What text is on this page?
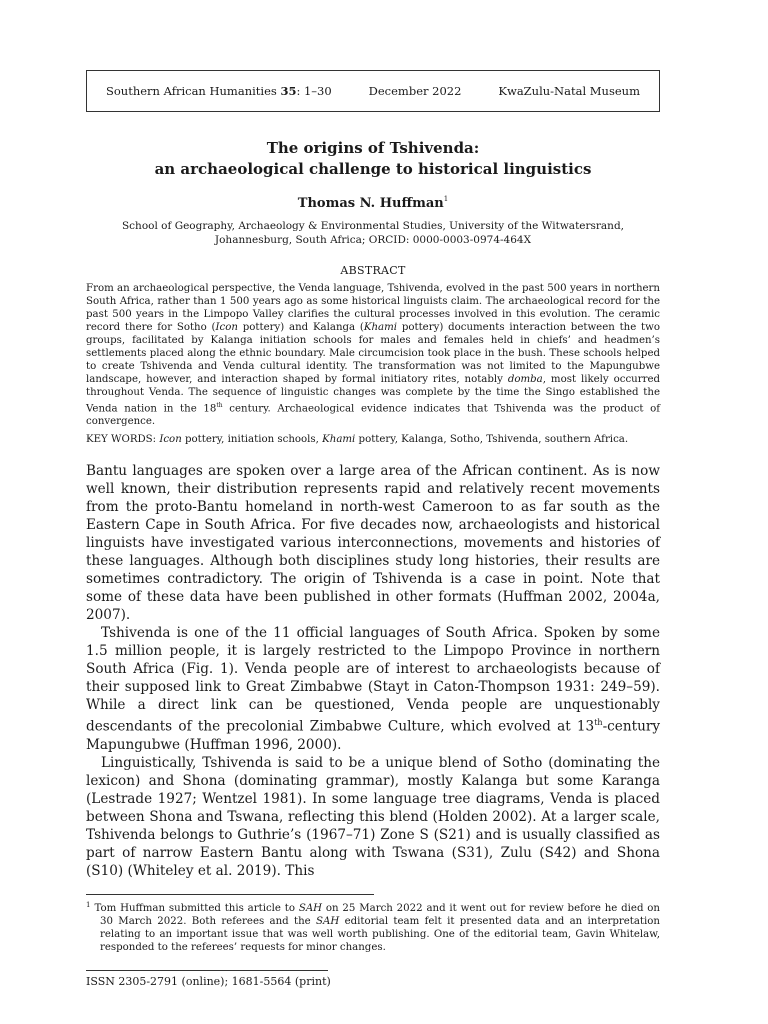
Southern African Humanities 35: 1–30	December 2022	KwaZulu-Natal Museum
The origins of Tshivenda:
an archaeological challenge to historical linguistics
Thomas N. Huffman$^1$
School of Geography, Archaeology & Environmental Studies, University of the Witwatersrand,
Johannesburg, South Africa; ORCID: 0000-0003-0974-464X
ABSTRACT
From an archaeological perspective, the Venda language, Tshivenda, evolved in the past 500 years in northern South Africa, rather than 1 500 years ago as some historical linguists claim. The archaeological record for the past 500 years in the Limpopo Valley clarifies the cultural processes involved in this evolution. The ceramic record there for Sotho (Icon pottery) and Kalanga (Khami pottery) documents interaction between the two groups, facilitated by Kalanga initiation schools for males and females held in chiefs’ and headmen’s settlements placed along the ethnic boundary. Male circumcision took place in the bush. These schools helped to create Tshivenda and Venda cultural identity. The transformation was not limited to the Mapungubwe landscape, however, and interaction shaped by formal initiatory rites, notably domba, most likely occurred throughout Venda. The sequence of linguistic changes was complete by the time the Singo established the Venda nation in the 18th century. Archaeological evidence indicates that Tshivenda was the product of convergence.
KEY WORDS: Icon pottery, initiation schools, Khami pottery, Kalanga, Sotho, Tshivenda, southern Africa.

Bantu languages are spoken over a large area of the African continent. As is now well known, their distribution represents rapid and relatively recent movements from the proto-Bantu homeland in north-west Cameroon to as far south as the Eastern Cape in South Africa. For five decades now, archaeologists and historical linguists have investigated various interconnections, movements and histories of these languages. Although both disciplines study long histories, their results are sometimes contradictory. The origin of Tshivenda is a case in point. Note that some of these data have been published in other formats (Huffman 2002, 2004a, 2007).

Tshivenda is one of the 11 official languages of South Africa. Spoken by some 1.5 million people, it is largely restricted to the Limpopo Province in northern South Africa (Fig. 1). Venda people are of interest to archaeologists because of their supposed link to Great Zimbabwe (Stayt in Caton-Thompson 1931: 249–59). While a direct link can be questioned, Venda people are unquestionably descendants of the precolonial Zimbabwe Culture, which evolved at 13th-century Mapungubwe (Huffman 1996, 2000).

Linguistically, Tshivenda is said to be a unique blend of Sotho (dominating the lexicon) and Shona (dominating grammar), mostly Kalanga but some Karanga (Lestrade 1927; Wentzel 1981). In some language tree diagrams, Venda is placed between Shona and Tswana, reflecting this blend (Holden 2002). At a larger scale, Tshivenda belongs to Guthrie’s (1967–71) Zone S (S21) and is usually classified as part of narrow Eastern Bantu along with Tswana (S31), Zulu (S42) and Shona (S10) (Whiteley et al. 2019). This

$^1$ Tom Huffman submitted this article to SAH on 25 March 2022 and it went out for review before he died on 30 March 2022. Both referees and the SAH editorial team felt it presented data and an interpretation relating to an important issue that was well worth publishing. One of the editorial team, Gavin Whitelaw, responded to the referees’ requests for minor changes.
ISSN 2305-2791 (online); 1681-5564 (print)
